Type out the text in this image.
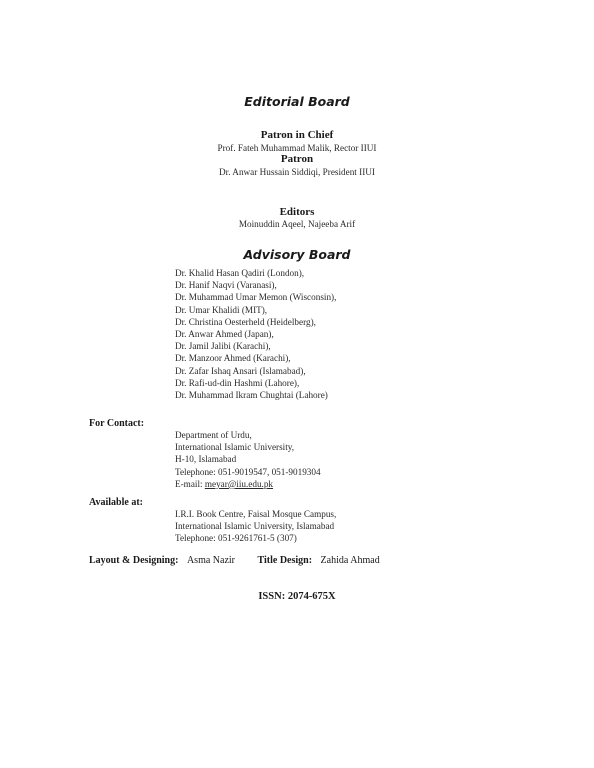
Editorial Board
Patron in Chief
Prof. Fateh Muhammad Malik, Rector IIUI
Patron
Dr. Anwar Hussain Siddiqi, President IIUI
Editors
Moinuddin Aqeel, Najeeba Arif
Advisory Board
Dr. Khalid Hasan Qadiri (London),
Dr. Hanif Naqvi (Varanasi),
Dr. Muhammad Umar Memon (Wisconsin),
Dr. Umar Khalidi (MIT),
Dr. Christina Oesterheld (Heidelberg),
Dr. Anwar Ahmed (Japan),
Dr. Jamil Jalibi (Karachi),
Dr. Manzoor Ahmed (Karachi),
Dr. Zafar Ishaq Ansari (Islamabad),
Dr. Rafi-ud-din Hashmi (Lahore),
Dr. Muhammad Ikram Chughtai (Lahore)
For Contact:
Department of Urdu,
International Islamic University,
H-10, Islamabad
Telephone: 051-9019547, 051-9019304
E-mail: meyar@iiu.edu.pk
Available at:
I.R.I. Book Centre, Faisal Mosque Campus,
International Islamic University, Islamabad
Telephone: 051-9261761-5 (307)
Layout & Designing: Asma Nazir Title Design: Zahida Ahmad
ISSN: 2074-675X
